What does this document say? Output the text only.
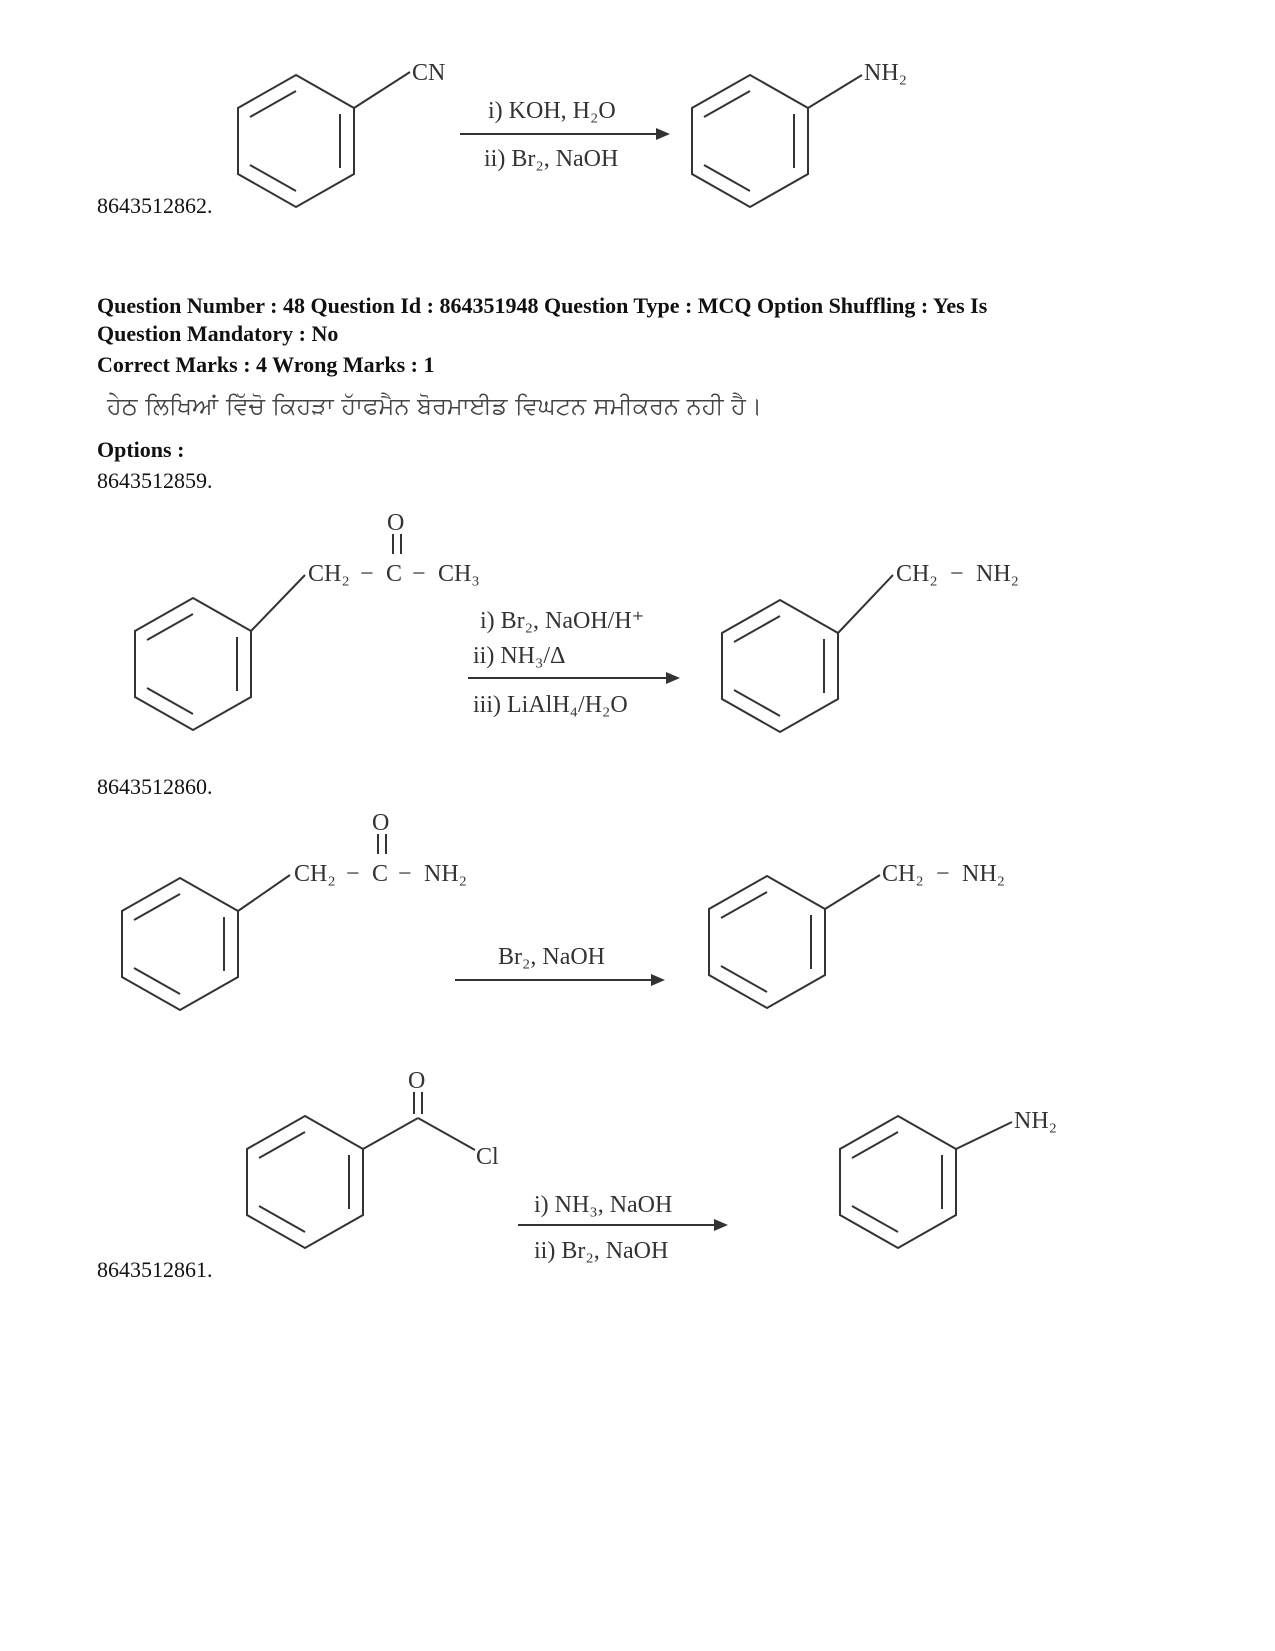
CN
i) KOH, H₂O
ii) Br₂, NaOH
NH₂
8643512862.
Question Number : 48 Question Id : 864351948 Question Type : MCQ Option Shuffling : Yes Is
Question Mandatory : No
Correct Marks : 4 Wrong Marks : 1
ਹੇਠ ਲਿਖਿਆਂ ਵਿੱਚੋ ਕਿਹੜਾ ਹਾੱਫਮੈਨ ਬੋਰਮਾਈਡ ਵਿਘਟਨ ਸਮੀਕਰਨ ਨਹੀ ਹੈ।
Options :
8643512859.
O
CH₂ − C − CH₃
i) Br₂, NaOH/H⁺
ii) NH₃/Δ
iii) LiAlH₄/H₂O
CH₂ − NH₂
8643512860.
O
CH₂ − C − NH₂
Br₂, NaOH
CH₂ − NH₂
O
Cl
i) NH₃, NaOH
ii) Br₂, NaOH
NH₂
8643512861.
